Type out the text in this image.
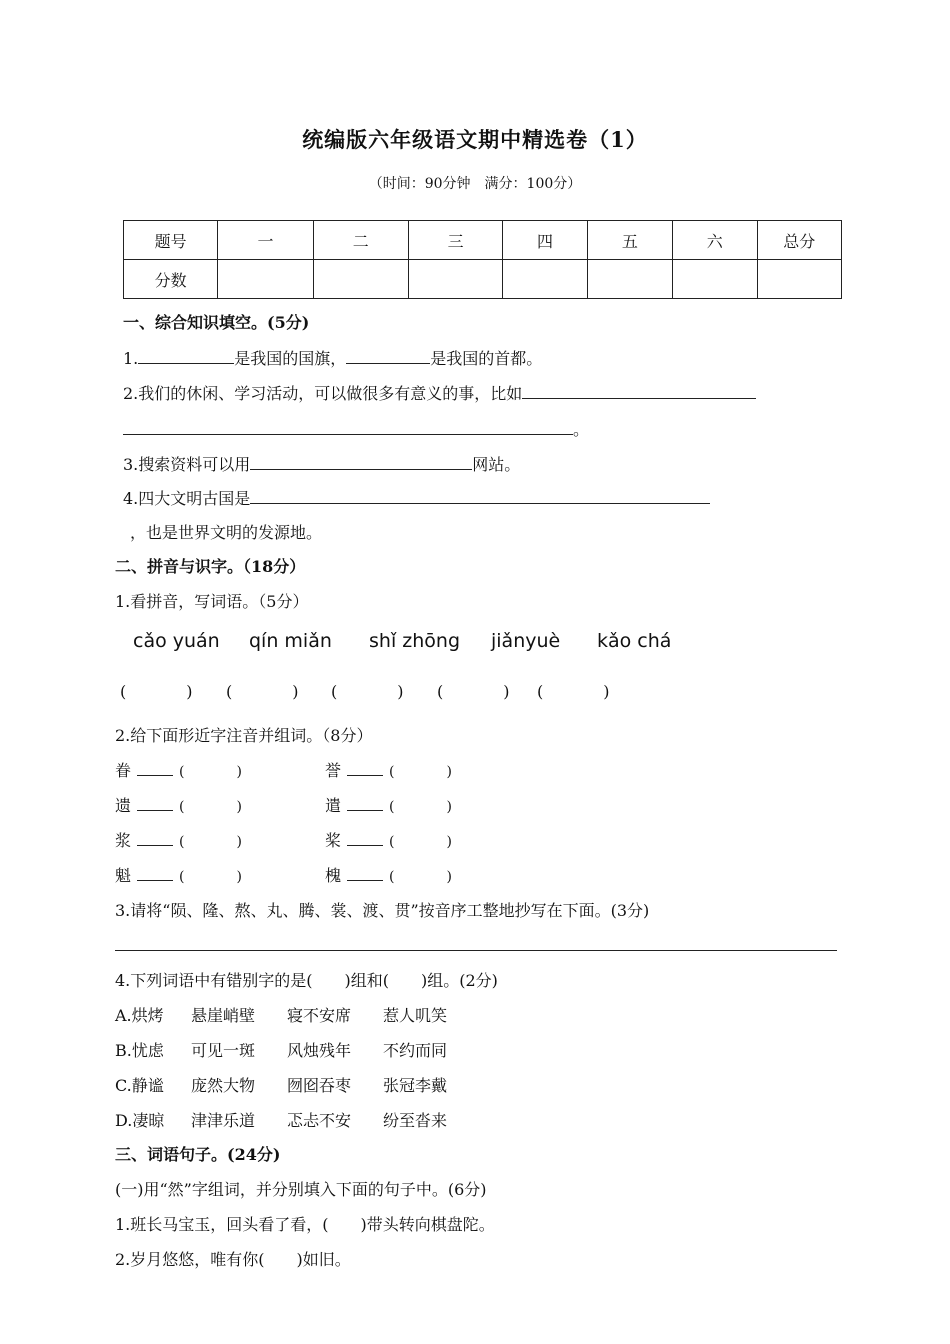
统编版六年级语文期中精选卷（1）
（时间：90分钟　满分：100分）
题号	一	二	三	四	五	六	总分
分数							
一、综合知识填空。(5分)
1.	是我国的国旗，	是我国的首都。
2.我们的休闲、学习活动，可以做很多有意义的事，比如
。
3.搜索资料可以用	网站。
4.四大文明古国是
，也是世界文明的发源地。
二、拼音与识字。（18分）
1.看拼音，写词语。（5分）
cǎo yuán qín miǎn shǐ zhōng jiǎnyuè kǎo chá
(	) (	) (	) (	) (	)
2.给下面形近字注音并组词。（8分）
眷	(	)	誉	(	)
遗	(	)	遣	(	)
浆	(	)	桨	(	)
魁	(	)	槐	(	)
3.请将“陨、隆、熬、丸、腾、裳、渡、贯”按音序工整地抄写在下面。(3分)
4.下列词语中有错别字的是(　　)组和(　　)组。(2分)
A.烘烤 悬崖峭壁 寝不安席 惹人叽笑
B.忧虑 可见一斑 风烛残年 不约而同
C.静谧 庞然大物 囫囵吞枣 张冠李戴
D.凄晾 津津乐道 忑忐不安 纷至沓来
三、词语句子。(24分)
(一)用“然”字组词，并分别填入下面的句子中。(6分)
1.班长马宝玉，回头看了看，(　　)带头转向棋盘陀。
2.岁月悠悠，唯有你(　　)如旧。
